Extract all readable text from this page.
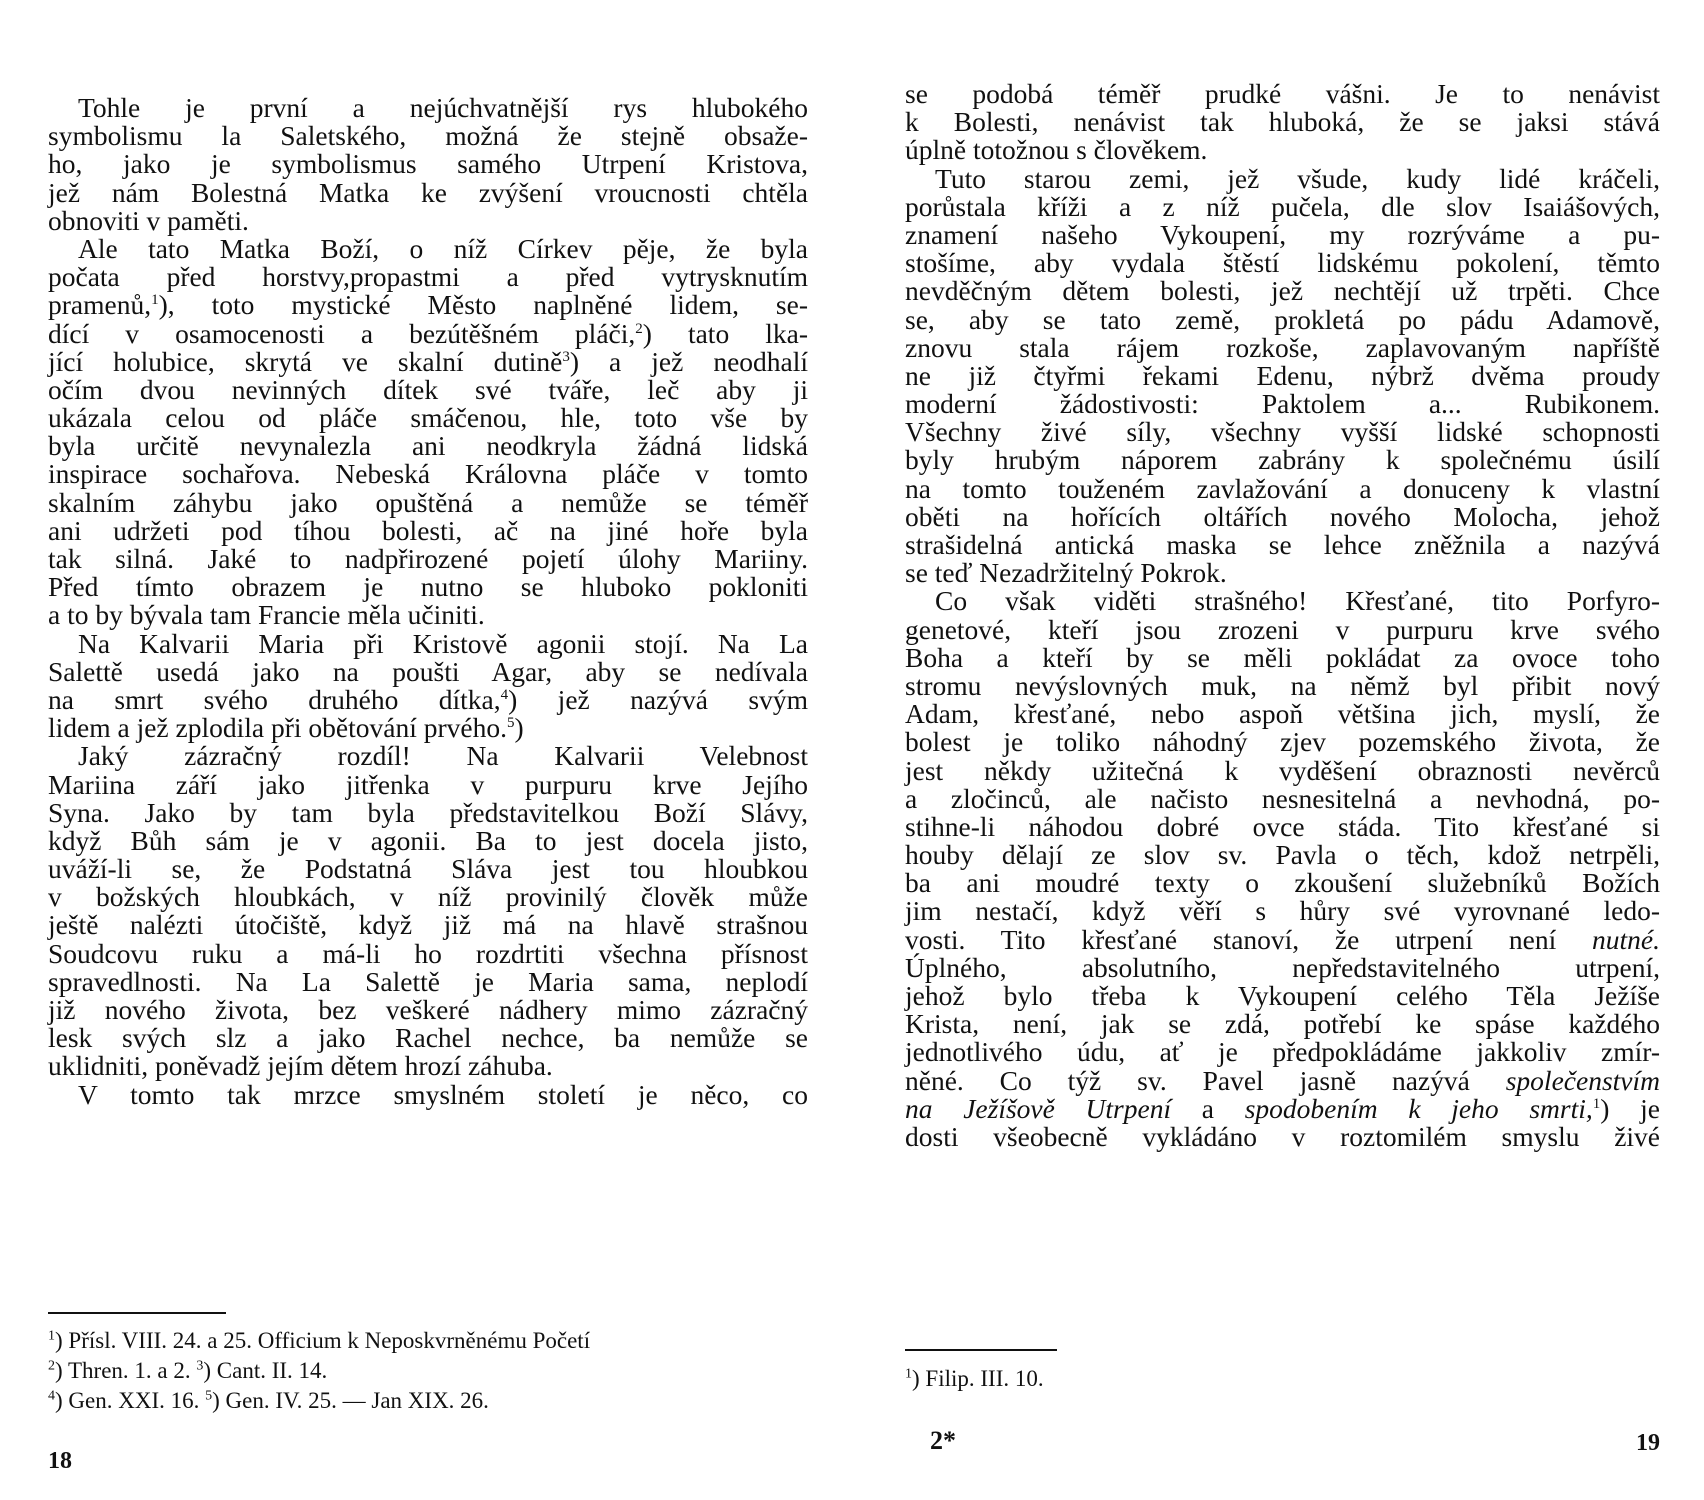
Tohle je první a nejúchvatnější rys hlubokého
symbolismu la Saletského, možná že stejně obsaže-
ho, jako je symbolismus samého Utrpení Kristova,
jež nám Bolestná Matka ke zvýšení vroucnosti chtěla
obnoviti v paměti.
Ale tato Matka Boží, o níž Církev pěje, že byla
počata před horstvy,propastmi a před vytrysknutím
pramenů,$^1$), toto mystické Město naplněné lidem, se-
dící v osamocenosti a bezútěšném pláči,$^2$) tato lka-
jící holubice, skrytá ve skalní dutině$^3$) a jež neodhalí
očím dvou nevinných dítek své tváře, leč aby ji
ukázala celou od pláče smáčenou, hle, toto vše by
byla určitě nevynalezla ani neodkryla žádná lidská
inspirace sochařova. Nebeská Královna pláče v tomto
skalním záhybu jako opuštěná a nemůže se téměř
ani udržeti pod tíhou bolesti, ač na jiné hoře byla
tak silná. Jaké to nadpřirozené pojetí úlohy Mariiny.
Před tímto obrazem je nutno se hluboko pokloniti
a to by bývala tam Francie měla učiniti.
Na Kalvarii Maria při Kristově agonii stojí. Na La
Salettě usedá jako na poušti Agar, aby se nedívala
na smrt svého druhého dítka,$^4$) jež nazývá svým
lidem a jež zplodila při obětování prvého.$^5$)
Jaký zázračný rozdíl! Na Kalvarii Velebnost
Mariina září jako jitřenka v purpuru krve Jejího
Syna. Jako by tam byla představitelkou Boží Slávy,
když Bůh sám je v agonii. Ba to jest docela jisto,
uváží-li se, že Podstatná Sláva jest tou hloubkou
v božských hloubkách, v níž provinilý člověk může
ještě nalézti útočiště, když již má na hlavě strašnou
Soudcovu ruku a má-li ho rozdrtiti všechna přísnost
spravedlnosti. Na La Salettě je Maria sama, neplodí
již nového života, bez veškeré nádhery mimo zázračný
lesk svých slz a jako Rachel nechce, ba nemůže se
uklidniti, poněvadž jejím dětem hrozí záhuba.
V tomto tak mrzce smyslném století je něco, co
$^1$) Přísl. VIII. 24. a 25. Officium k Neposkvrněnému Početí
$^2$) Thren. 1. a 2. $^3$) Cant. II. 14.
$^4$) Gen. XXI. 16. $^5$) Gen. IV. 25. — Jan XIX. 26.
18
se podobá téměř prudké vášni. Je to nenávist
k Bolesti, nenávist tak hluboká, že se jaksi stává
úplně totožnou s člověkem.
Tuto starou zemi, jež všude, kudy lidé kráčeli,
porůstala kříži a z níž pučela, dle slov Isaiášových,
znamení našeho Vykoupení, my rozrýváme a pu-
stošíme, aby vydala štěstí lidskému pokolení, těmto
nevděčným dětem bolesti, jež nechtějí už trpěti. Chce
se, aby se tato země, prokletá po pádu Adamově,
znovu stala rájem rozkoše, zaplavovaným napříště
ne již čtyřmi řekami Edenu, nýbrž dvěma proudy
moderní žádostivosti: Paktolem a... Rubikonem.
Všechny živé síly, všechny vyšší lidské schopnosti
byly hrubým náporem zabrány k společnému úsilí
na tomto touženém zavlažování a donuceny k vlastní
oběti na hořících oltářích nového Molocha, jehož
strašidelná antická maska se lehce zněžnila a nazývá
se teď Nezadržitelný Pokrok.
Co však viděti strašného! Křesťané, tito Porfyro-
genetové, kteří jsou zrozeni v purpuru krve svého
Boha a kteří by se měli pokládat za ovoce toho
stromu nevýslovných muk, na němž byl přibit nový
Adam, křesťané, nebo aspoň většina jich, myslí, že
bolest je toliko náhodný zjev pozemského života, že
jest někdy užitečná k vyděšení obraznosti nevěrců
a zločinců, ale načisto nesnesitelná a nevhodná, po-
stihne-li náhodou dobré ovce stáda. Tito křesťané si
houby dělají ze slov sv. Pavla o těch, kdož netrpěli,
ba ani moudré texty o zkoušení služebníků Božích
jim nestačí, když věří s hůry své vyrovnané ledo-
vosti. Tito křesťané stanoví, že utrpení není nutné.
Úplného, absolutního, nepředstavitelného utrpení,
jehož bylo třeba k Vykoupení celého Těla Ježíše
Krista, není, jak se zdá, potřebí ke spáse každého
jednotlivého údu, ať je předpokládáme jakkoliv zmír-
něné. Co týž sv. Pavel jasně nazývá společenstvím
na Ježíšově Utrpení a spodobením k jeho smrti,$^1$) je
dosti všeobecně vykládáno v roztomilém smyslu živé
$^1$) Filip. III. 10.
2*	19
